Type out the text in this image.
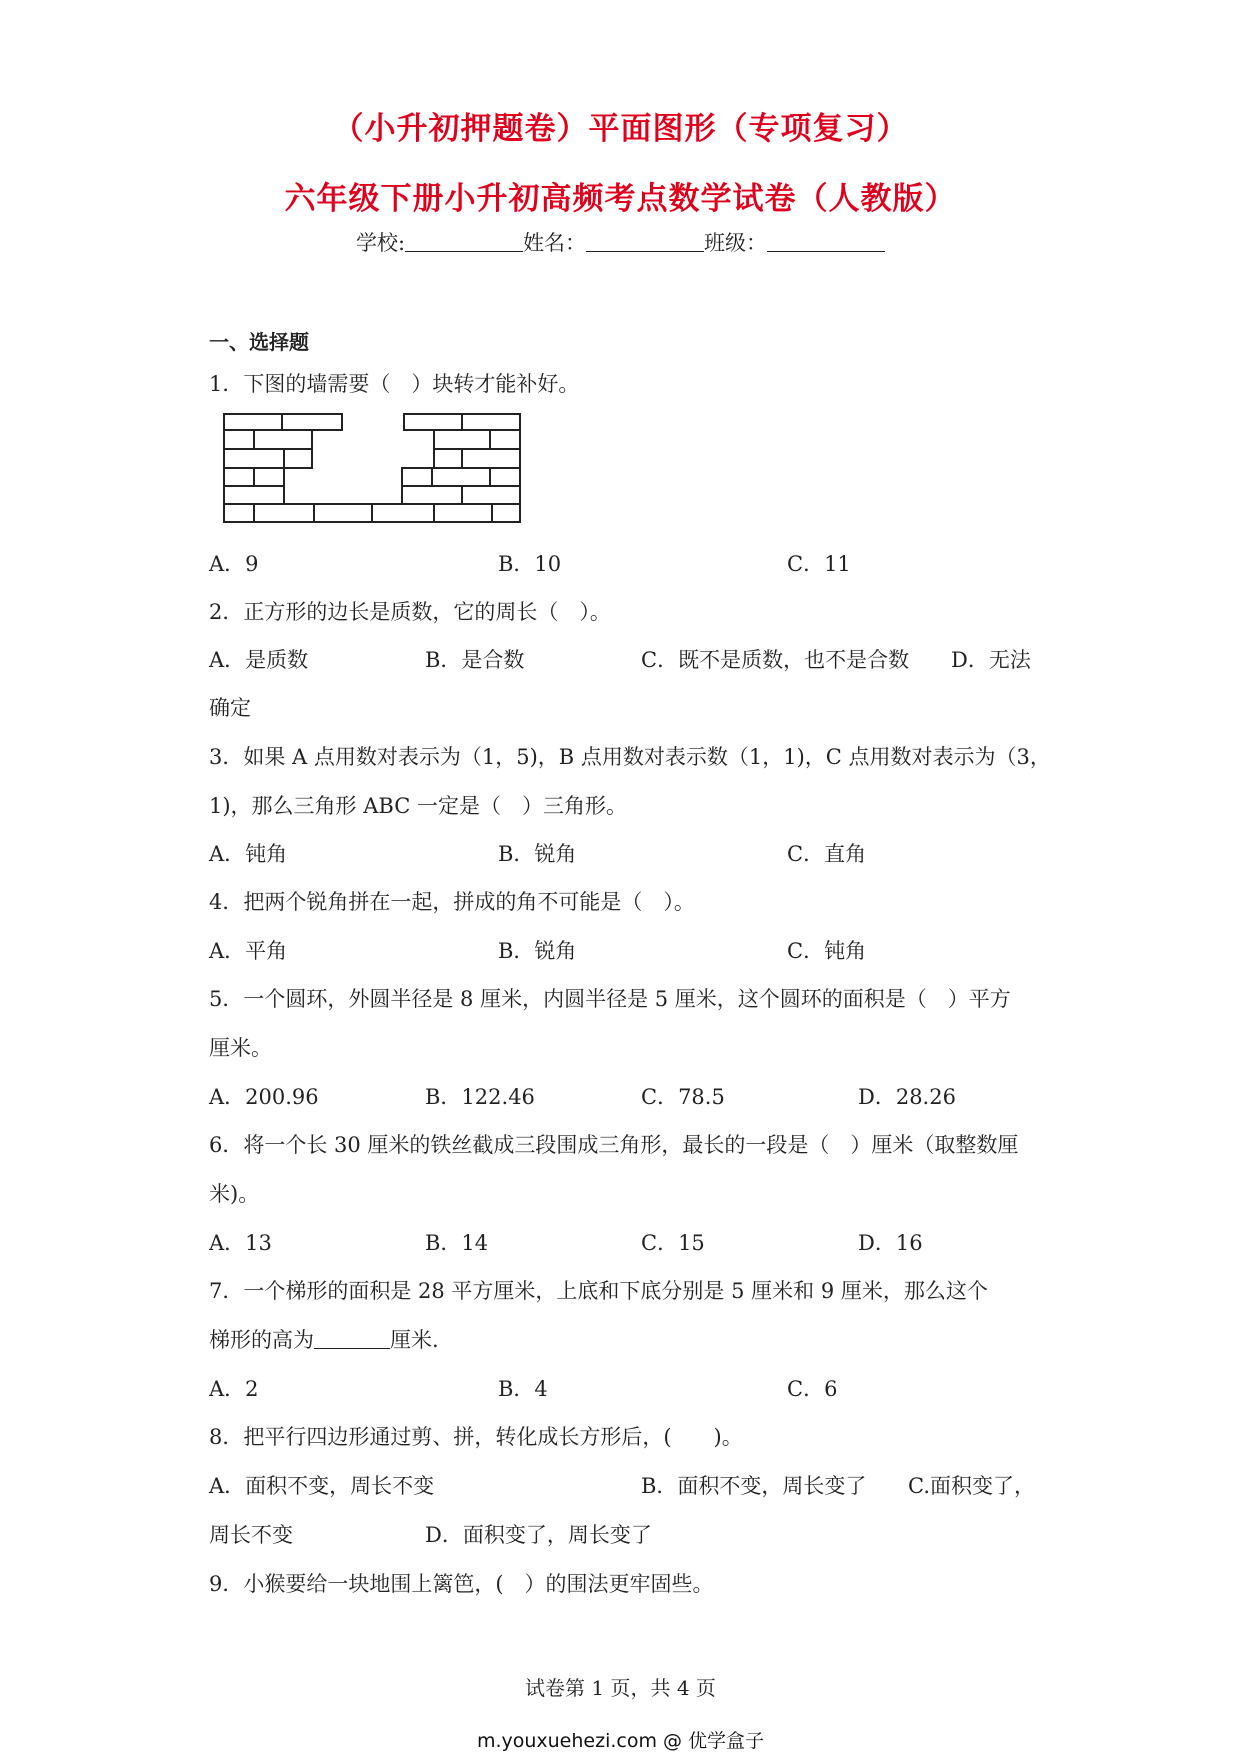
（小升初押题卷）平面图形（专项复习）
六年级下册小升初高频考点数学试卷（人教版）
学校:	姓名：	班级：
一、选择题
1．下图的墙需要（　）块转才能补好。
A．9	B．10	C．11
2．正方形的边长是质数，它的周长（　）。
A．是质数	B．是合数	C．既不是质数，也不是合数 D．无法
确定
3．如果 A 点用数对表示为（1，5)，B 点用数对表示数（1，1)，C 点用数对表示为（3，
1)，那么三角形 ABC 一定是（　）三角形。
A．钝角	B．锐角	C．直角
4．把两个锐角拼在一起，拼成的角不可能是（　）。
A．平角	B．锐角	C．钝角
5．一个圆环，外圆半径是 8 厘米，内圆半径是 5 厘米，这个圆环的面积是（　）平方
厘米。
A．200.96	B．122.46	C．78.5	D．28.26
6．将一个长 30 厘米的铁丝截成三段围成三角形，最长的一段是（　）厘米（取整数厘
米)。
A．13	B．14	C．15	D．16
7．一个梯形的面积是 28 平方厘米，上底和下底分别是 5 厘米和 9 厘米，那么这个
梯形的高为	厘米.
A．2	B．4	C．6
8．把平行四边形通过剪、拼，转化成长方形后，(　　)。
A．面积不变，周长不变	B．面积不变，周长变了 C.面积变了，
周长不变	D．面积变了，周长变了
9．小猴要给一块地围上篱笆，(　）的围法更牢固些。
试卷第 1 页，共 4 页
m.youxuehezi.com @ 优学盒子
